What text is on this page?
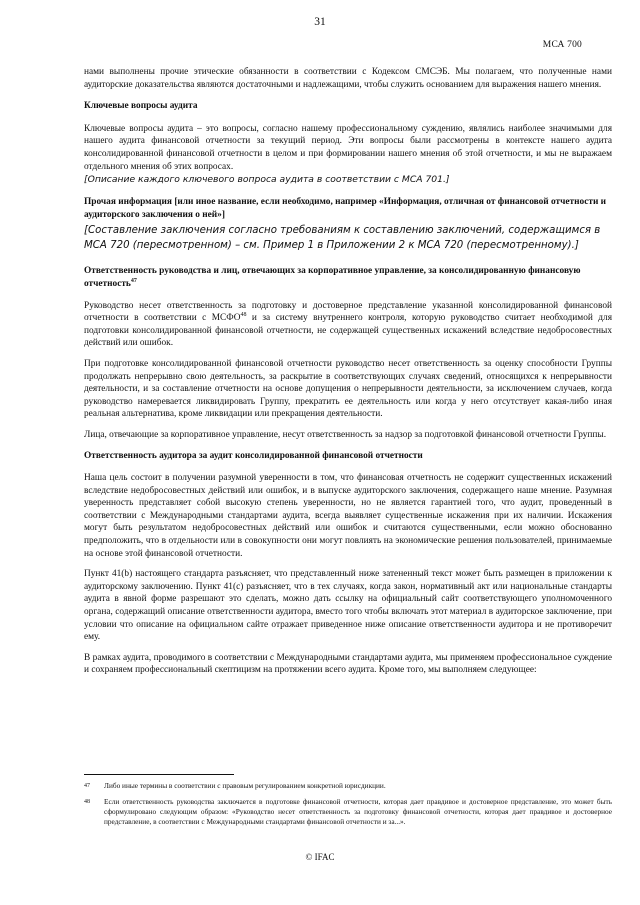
31
МСА 700

нами выполнены прочие этические обязанности в соответствии с Кодексом СМСЭБ. Мы полагаем, что полученные нами аудиторские доказательства являются достаточными и надлежащими, чтобы служить основанием для выражения нашего мнения.

Ключевые вопросы аудита

Ключевые вопросы аудита – это вопросы, согласно нашему профессиональному суждению, являлись наиболее значимыми для нашего аудита финансовой отчетности за текущий период. Эти вопросы были рассмотрены в контексте нашего аудита консолидированной финансовой отчетности в целом и при формировании нашего мнения об этой отчетности, и мы не выражаем отдельного мнения об этих вопросах.

[Описание каждого ключевого вопроса аудита в соответствии с МСА 701.]
Прочая информация [или иное название, если необходимо, например «Информация, отличная от финансовой отчетности и аудиторского заключения о ней»]
[Составление заключения согласно требованиям к составлению заключений, содержащимся в МСА 720 (пересмотренном) – см. Пример 1 в Приложении 2 к МСА 720 (пересмотренному).]
Ответственность руководства и лиц, отвечающих за корпоративное управление, за консолидированную финансовую отчетность$^{47}$

Руководство несет ответственность за подготовку и достоверное представление указанной консолидированной финансовой отчетности в соответствии с МСФО$^{48}$ и за систему внутреннего контроля, которую руководство считает необходимой для подготовки консолидированной финансовой отчетности, не содержащей существенных искажений вследствие недобросовестных действий или ошибок.

При подготовке консолидированной финансовой отчетности руководство несет ответственность за оценку способности Группы продолжать непрерывно свою деятельность, за раскрытие в соответствующих случаях сведений, относящихся к непрерывности деятельности, и за составление отчетности на основе допущения о непрерывности деятельности, за исключением случаев, когда руководство намеревается ликвидировать Группу, прекратить ее деятельность или когда у него отсутствует какая-либо иная реальная альтернатива, кроме ликвидации или прекращения деятельности.

Лица, отвечающие за корпоративное управление, несут ответственность за надзор за подготовкой финансовой отчетности Группы.

Ответственность аудитора за аудит консолидированной финансовой отчетности

Наша цель состоит в получении разумной уверенности в том, что финансовая отчетность не содержит существенных искажений вследствие недобросовестных действий или ошибок, и в выпуске аудиторского заключения, содержащего наше мнение. Разумная уверенность представляет собой высокую степень уверенности, но не является гарантией того, что аудит, проведенный в соответствии с Международными стандартами аудита, всегда выявляет существенные искажения при их наличии. Искажения могут быть результатом недобросовестных действий или ошибок и считаются существенными, если можно обоснованно предположить, что в отдельности или в совокупности они могут повлиять на экономические решения пользователей, принимаемые на основе этой финансовой отчетности.

Пункт 41(b) настоящего стандарта разъясняет, что представленный ниже затененный текст может быть размещен в приложении к аудиторскому заключению. Пункт 41(c) разъясняет, что в тех случаях, когда закон, нормативный акт или национальные стандарты аудита в явной форме разрешают это сделать, можно дать ссылку на официальный сайт соответствующего уполномоченного органа, содержащий описание ответственности аудитора, вместо того чтобы включать этот материал в аудиторское заключение, при условии что описание на официальном сайте отражает приведенное ниже описание ответственности аудитора и не противоречит ему.

В рамках аудита, проводимого в соответствии с Международными стандартами аудита, мы применяем профессиональное суждение и сохраняем профессиональный скептицизм на протяжении всего аудита. Кроме того, мы выполняем следующее:

47	Либо иные термины в соответствии с правовым регулированием конкретной юрисдикции.
48	Если ответственность руководства заключается в подготовке финансовой отчетности, которая дает правдивое и достоверное представление, это может быть сформулировано следующим образом: «Руководство несет ответственность за подготовку финансовой отчетности, которая дает правдивое и достоверное представление, в соответствии с Международными стандартами финансовой отчетности и за...».
© IFAC
